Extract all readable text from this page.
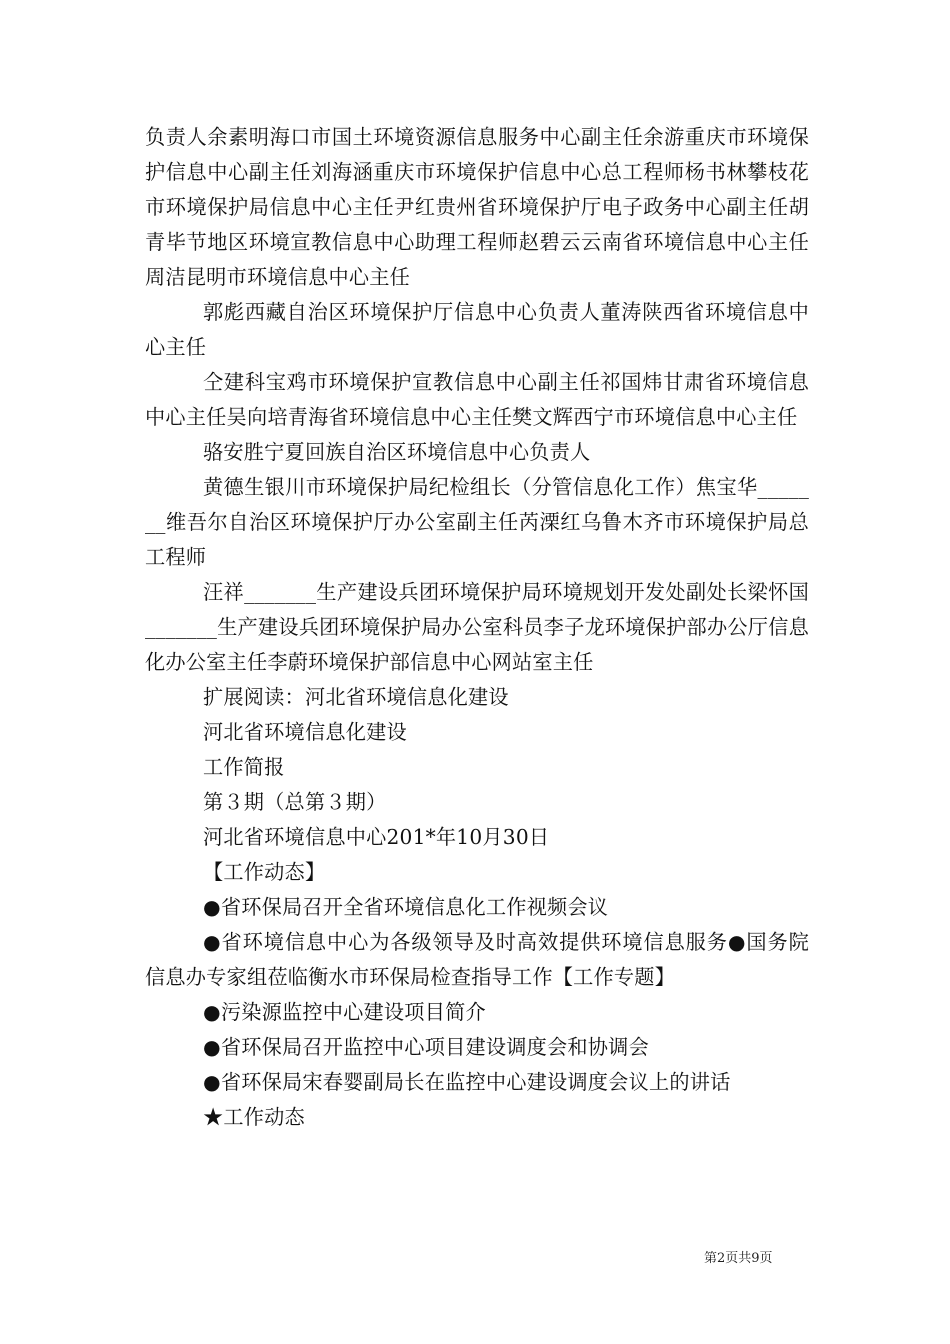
负责人余素明海口市国土环境资源信息服务中心副主任余游重庆市环境保护信息中心副主任刘海涵重庆市环境保护信息中心总工程师杨书林攀枝花市环境保护局信息中心主任尹红贵州省环境保护厅电子政务中心副主任胡青毕节地区环境宣教信息中心助理工程师赵碧云云南省环境信息中心主任周洁昆明市环境信息中心主任

郭彪西藏自治区环境保护厅信息中心负责人董涛陕西省环境信息中心主任

仝建科宝鸡市环境保护宣教信息中心副主任祁国炜甘肃省环境信息中心主任吴向培青海省环境信息中心主任樊文辉西宁市环境信息中心主任

骆安胜宁夏回族自治区环境信息中心负责人

黄德生银川市环境保护局纪检组长（分管信息化工作）焦宝华_______维吾尔自治区环境保护厅办公室副主任芮溧红乌鲁木齐市环境保护局总工程师

汪祥_______生产建设兵团环境保护局环境规划开发处副处长梁怀国_______生产建设兵团环境保护局办公室科员李子龙环境保护部办公厅信息化办公室主任李蔚环境保护部信息中心网站室主任

扩展阅读：河北省环境信息化建设

河北省环境信息化建设

工作简报

第３期（总第３期）

河北省环境信息中心201*年10月30日

【工作动态】

●省环保局召开全省环境信息化工作视频会议

●省环境信息中心为各级领导及时高效提供环境信息服务●国务院信息办专家组莅临衡水市环保局检查指导工作【工作专题】

●污染源监控中心建设项目简介

●省环保局召开监控中心项目建设调度会和协调会

●省环保局宋春婴副局长在监控中心建设调度会议上的讲话

★工作动态

第2页共9页
